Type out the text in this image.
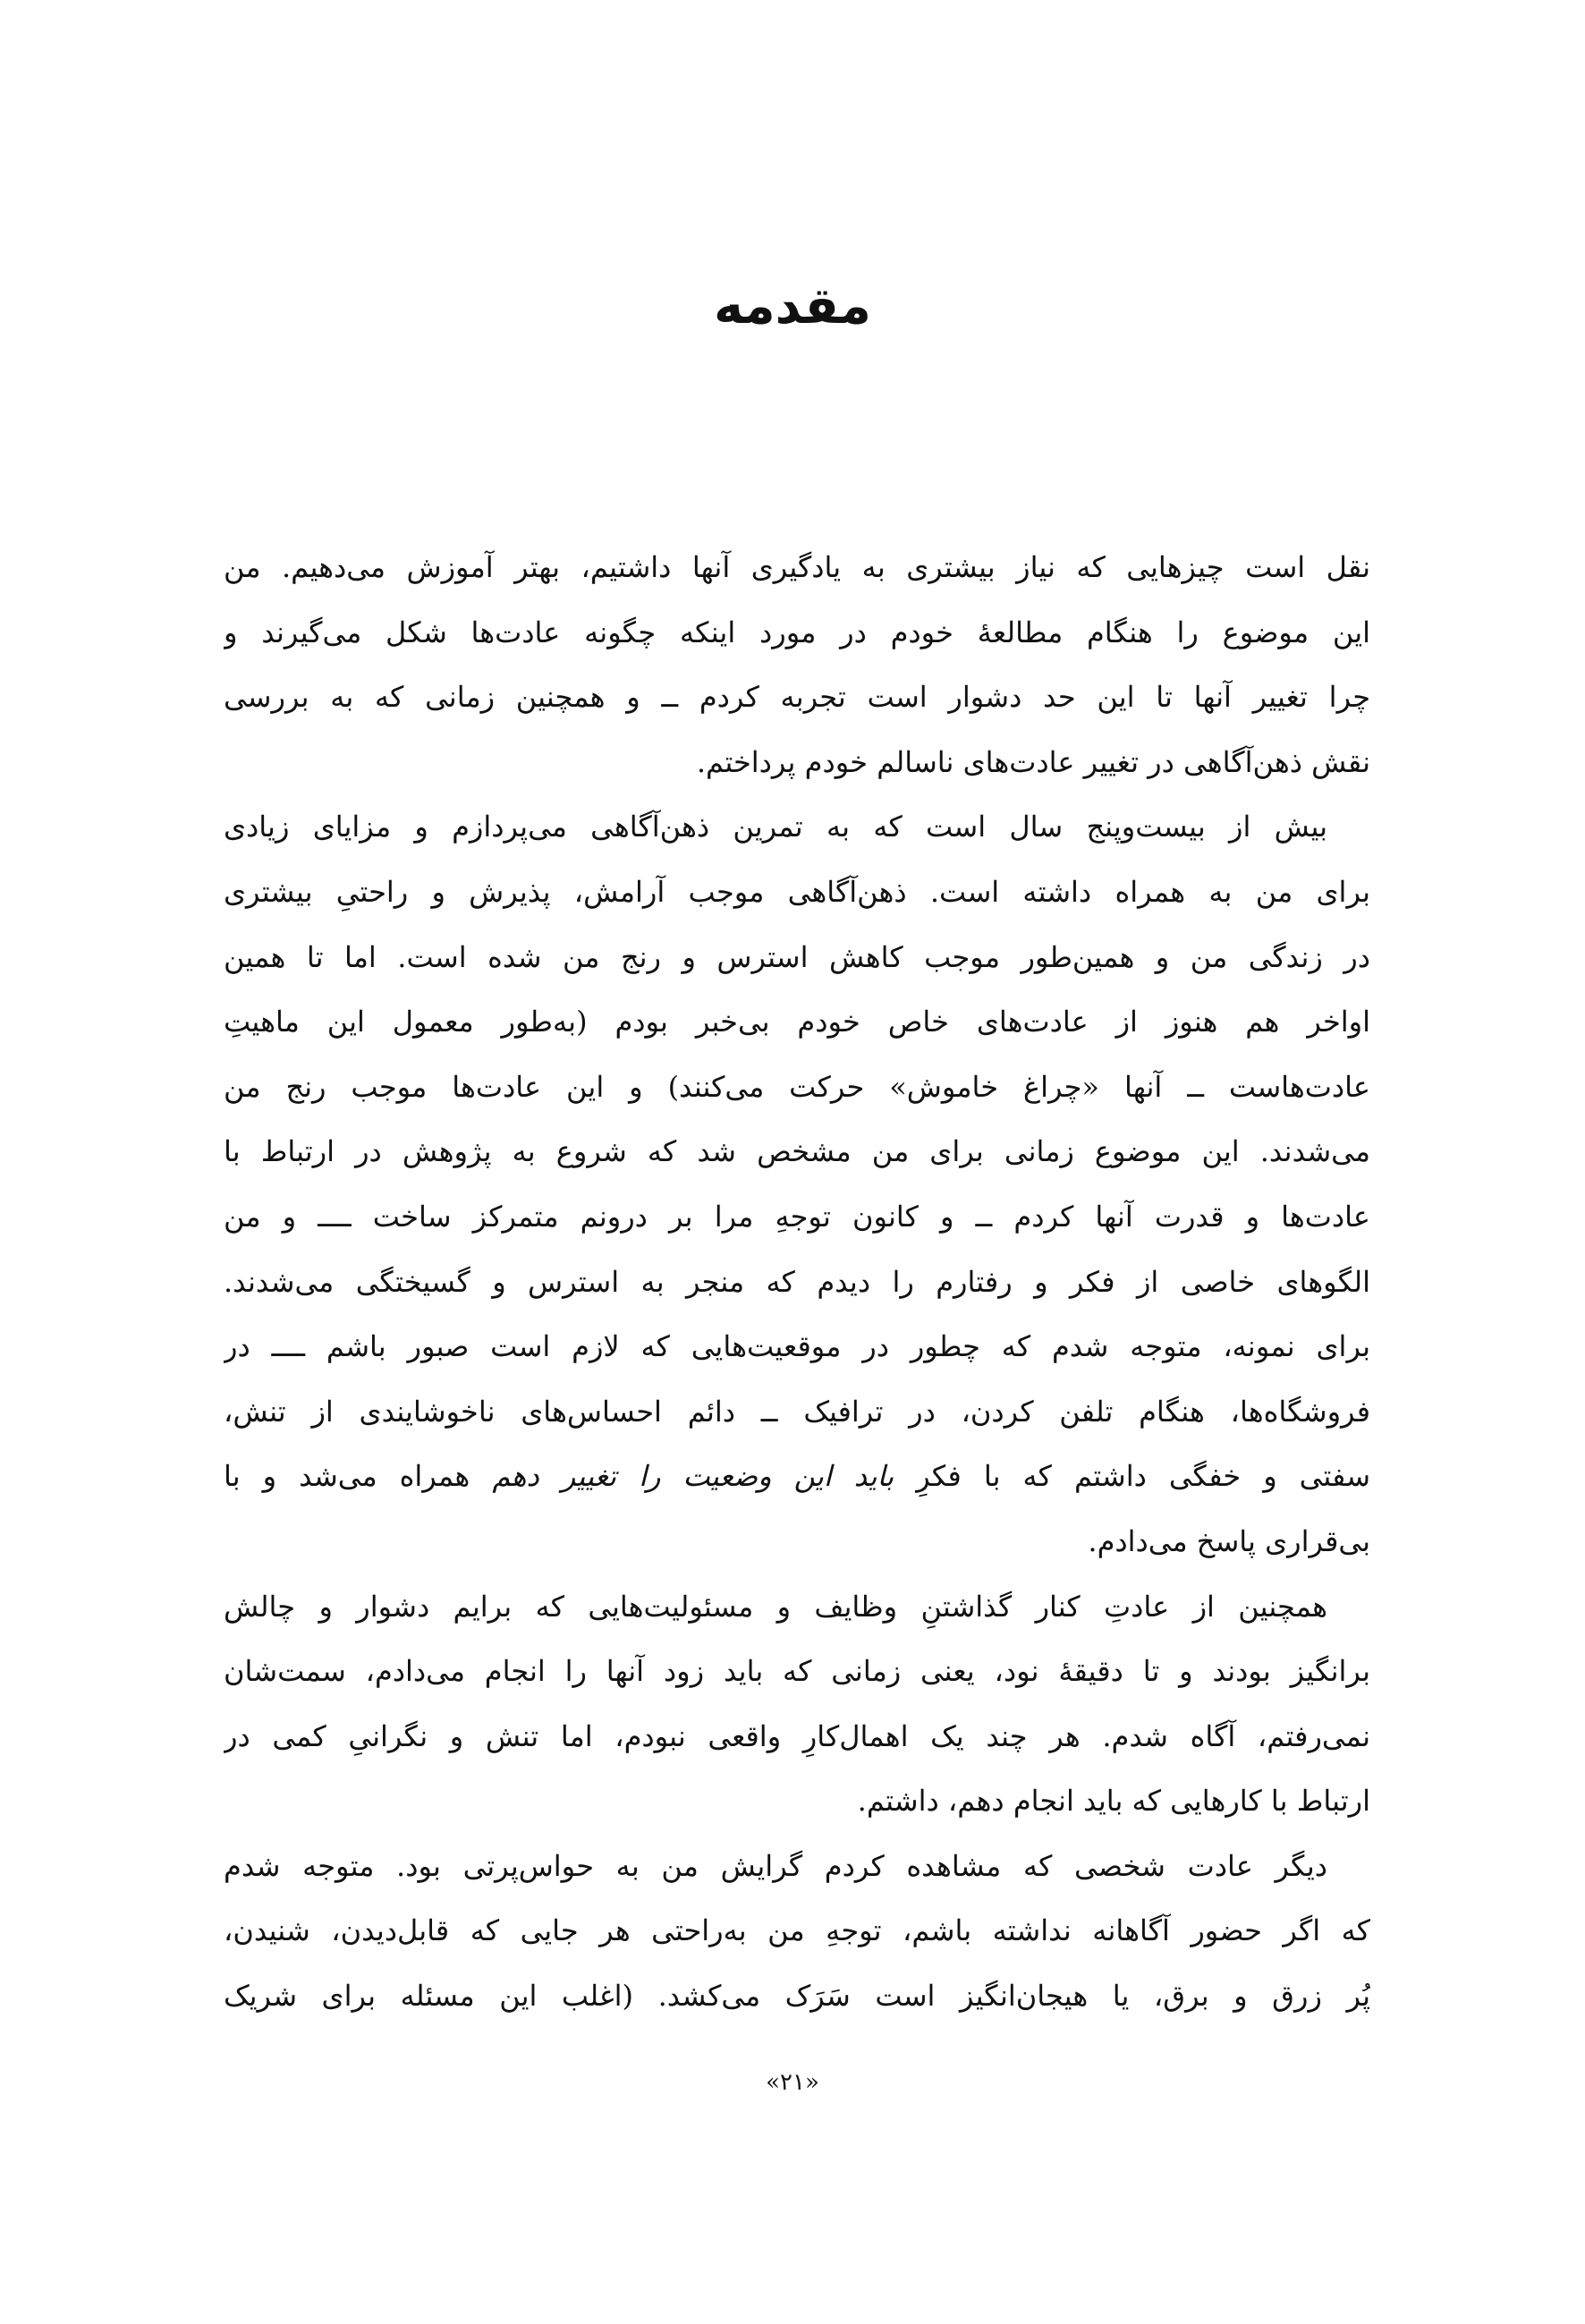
مقدمه

نقل است چیزهایی که نیاز بیشتری به یادگیری آنها داشتیم، بهتر آموزش می‌دهیم. من
این موضوع را هنگام مطالعهٔ خودم در مورد اینکه چگونه عادت‌ها شکل می‌گیرند و
چرا تغییر آنها تا این حد دشوار است تجربه کردم ــ و همچنین زمانی که به بررسی
نقش ذهن‌آگاهی در تغییر عادت‌های ناسالم خودم پرداختم.

بیش از بیست‌وپنج سال است که به تمرین ذهن‌آگاهی می‌پردازم و مزایای زیادی
برای من به همراه داشته است. ذهن‌آگاهی موجب آرامش، پذیرش و راحتیِ بیشتری
در زندگی من و همین‌طور موجب کاهش استرس و رنج من شده است. اما تا همین
اواخر هم هنوز از عادت‌های خاص خودم بی‌خبر بودم (به‌طور معمول این ماهیتِ
عادت‌هاست ــ آنها «چراغ خاموش» حرکت می‌کنند) و این عادت‌ها موجب رنج من
می‌شدند. این موضوع زمانی برای من مشخص شد که شروع به پژوهش در ارتباط با
عادت‌ها و قدرت آنها کردم ــ و کانون توجهِ مرا بر درونم متمرکز ساخت ــــ و من
الگوهای خاصی از فکر و رفتارم را دیدم که منجر به استرس و گسیختگی می‌شدند.
برای نمونه، متوجه شدم که چطور در موقعیت‌هایی که لازم است صبور باشم ــــ در
فروشگاه‌ها، هنگام تلفن کردن، در ترافیک ــ دائم احساس‌های ناخوشایندی از تنش،
سفتی و خفگی داشتم که با فکرِ باید این وضعیت را تغییر دهم همراه می‌شد و با
بی‌قراری پاسخ می‌دادم.

همچنین از عادتِ کنار گذاشتنِ وظایف و مسئولیت‌هایی که برایم دشوار و چالش
برانگیز بودند و تا دقیقهٔ نود، یعنی زمانی که باید زود آنها را انجام می‌دادم، سمت‌شان
نمی‌رفتم، آگاه شدم. هر چند یک اهمال‌کارِ واقعی نبودم، اما تنش و نگرانیِ کمی در
ارتباط با کارهایی که باید انجام دهم، داشتم.

دیگر عادت شخصی که مشاهده کردم گرایش من به حواس‌پرتی بود. متوجه شدم
که اگر حضور آگاهانه نداشته باشم، توجهِ من به‌راحتی هر جایی که قابل‌دیدن، شنیدن،
پُر زرق و برق، یا هیجان‌انگیز است سَرَک می‌کشد. (اغلب این مسئله برای شریک

«۲۱»
